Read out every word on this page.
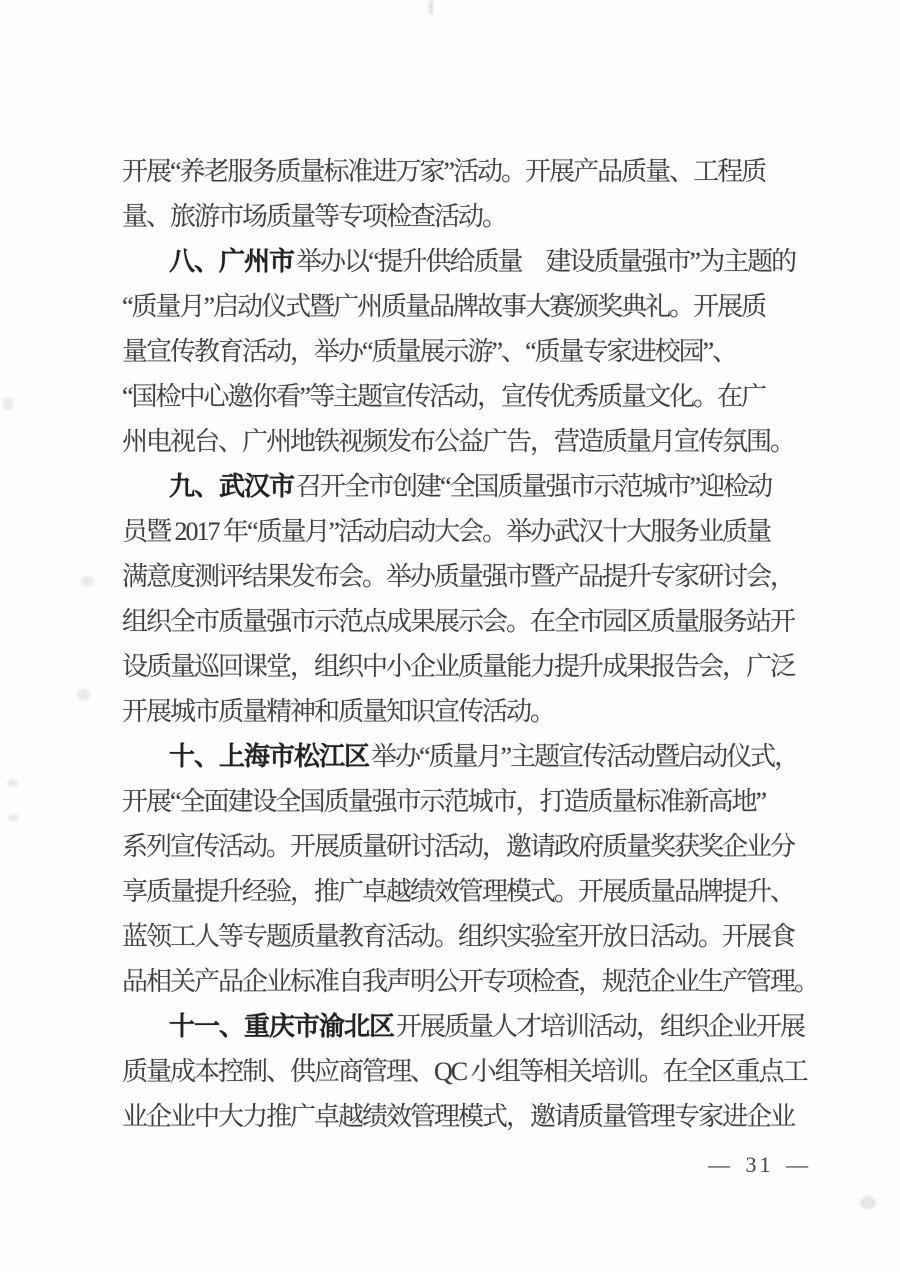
开展“养老服务质量标准进万家”活动。开展产品质量、工程质
量、旅游市场质量等专项检查活动。
八、广州市举办以“提升供给质量　建设质量强市”为主题的
“质量月”启动仪式暨广州质量品牌故事大赛颁奖典礼。开展质
量宣传教育活动，举办“质量展示游”、“质量专家进校园”、
“国检中心邀你看”等主题宣传活动，宣传优秀质量文化。在广
州电视台、广州地铁视频发布公益广告，营造质量月宣传氛围。
九、武汉市召开全市创建“全国质量强市示范城市”迎检动
员暨 2017 年“质量月”活动启动大会。举办武汉十大服务业质量
满意度测评结果发布会。举办质量强市暨产品提升专家研讨会，
组织全市质量强市示范点成果展示会。在全市园区质量服务站开
设质量巡回课堂，组织中小企业质量能力提升成果报告会，广泛
开展城市质量精神和质量知识宣传活动。
十、上海市松江区举办“质量月”主题宣传活动暨启动仪式，
开展“全面建设全国质量强市示范城市，打造质量标准新高地”
系列宣传活动。开展质量研讨活动，邀请政府质量奖获奖企业分
享质量提升经验，推广卓越绩效管理模式。开展质量品牌提升、
蓝领工人等专题质量教育活动。组织实验室开放日活动。开展食
品相关产品企业标准自我声明公开专项检查，规范企业生产管理。
十一、重庆市渝北区开展质量人才培训活动，组织企业开展
质量成本控制、供应商管理、QC 小组等相关培训。在全区重点工
业企业中大力推广卓越绩效管理模式，邀请质量管理专家进企业
— 31 —
